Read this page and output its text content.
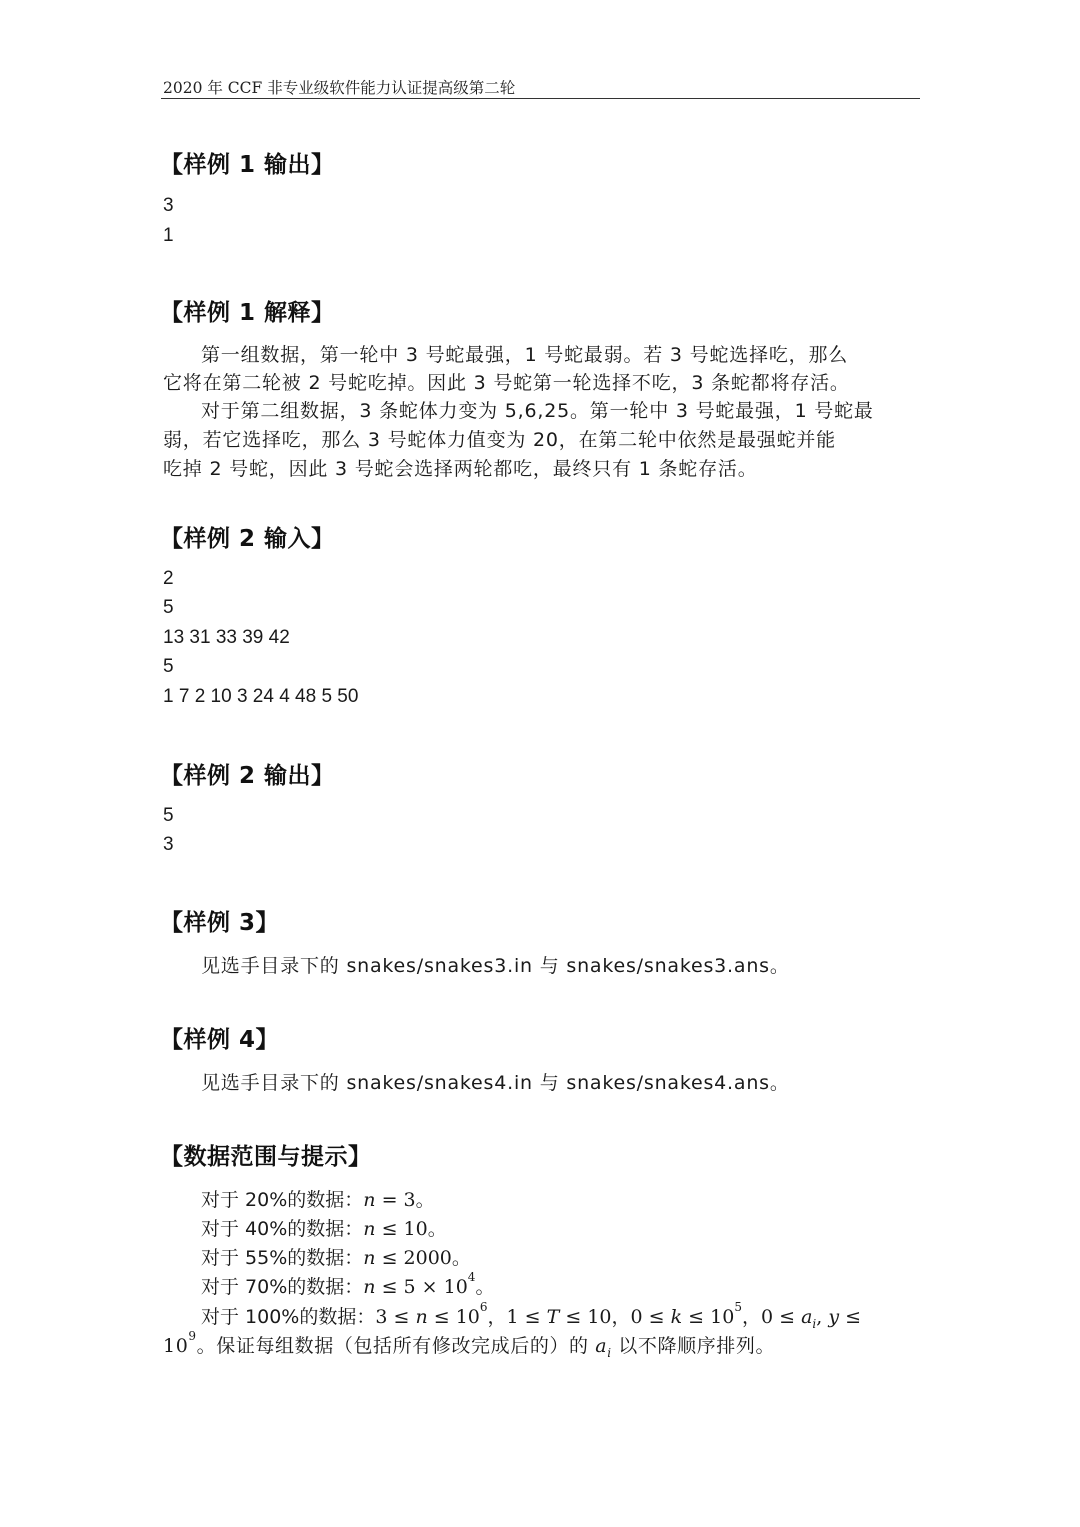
2020 年 CCF 非专业级软件能力认证提高级第二轮
【样例 1 输出】
3
1
【样例 1 解释】
第一组数据，第一轮中 3 号蛇最强，1 号蛇最弱。若 3 号蛇选择吃，那么
它将在第二轮被 2 号蛇吃掉。因此 3 号蛇第一轮选择不吃，3 条蛇都将存活。
对于第二组数据，3 条蛇体力变为 5,6,25。第一轮中 3 号蛇最强，1 号蛇最
弱，若它选择吃，那么 3 号蛇体力值变为 20，在第二轮中依然是最强蛇并能
吃掉 2 号蛇，因此 3 号蛇会选择两轮都吃，最终只有 1 条蛇存活。
【样例 2 输入】
2
5
13 31 33 39 42
5
1 7 2 10 3 24 4 48 5 50
【样例 2 输出】
5
3
【样例 3】
见选手目录下的 snakes/snakes3.in 与 snakes/snakes3.ans。
【样例 4】
见选手目录下的 snakes/snakes4.in 与 snakes/snakes4.ans。
【数据范围与提示】
对于 20%的数据：n = 3。
对于 40%的数据：n ≤ 10。
对于 55%的数据：n ≤ 2000。
对于 70%的数据：$n \le 5 \times 10^4$。
对于 100%的数据：$3 \le n \le 10^6$，1 ≤ T ≤ 10，$0 \le k \le 10^5$，$0 \le a_i$, y ≤
$10^9$。保证每组数据（包括所有修改完成后的）的 $a_i$ 以不降顺序排列。
